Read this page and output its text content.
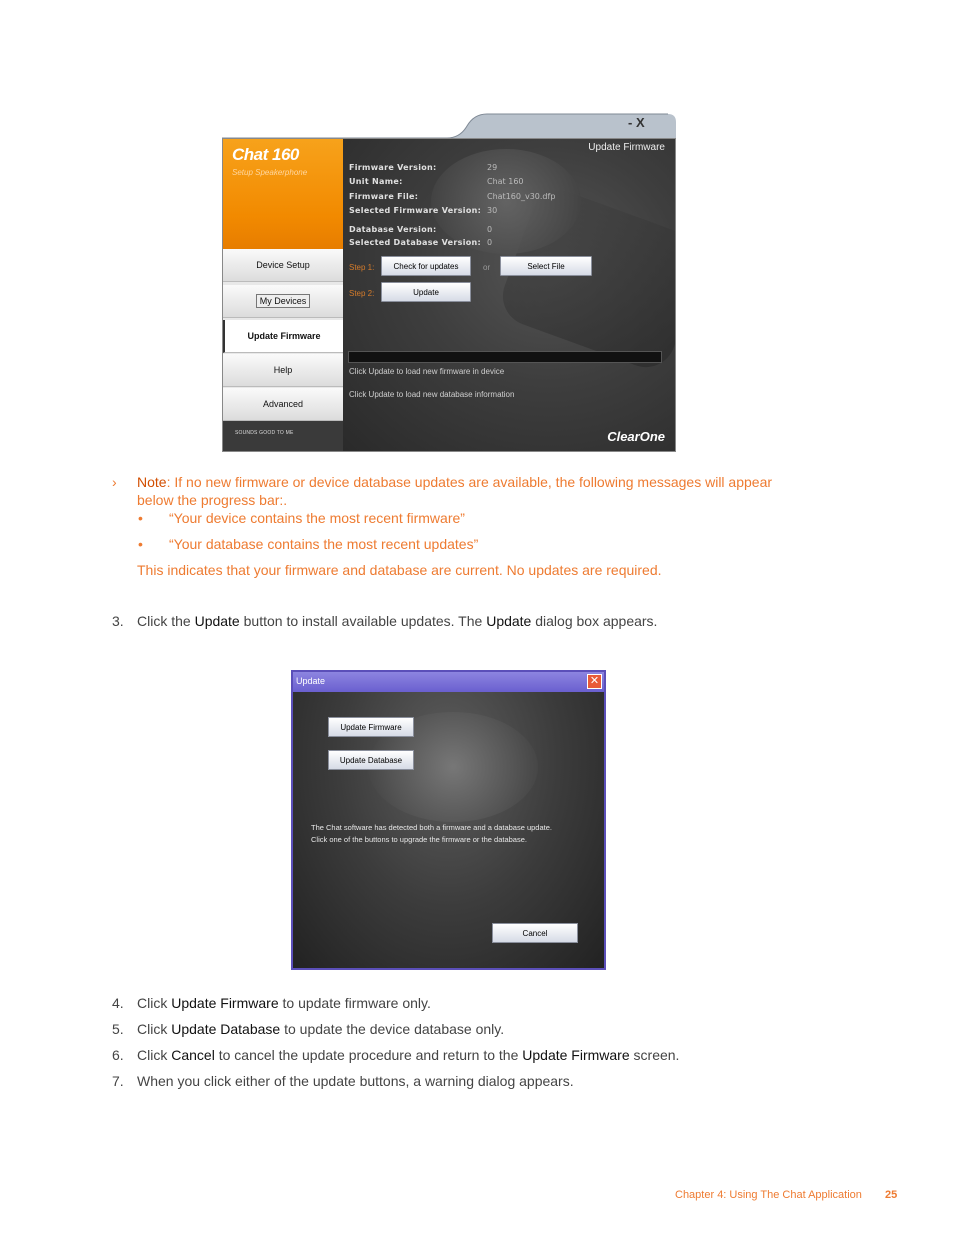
- X
Chat 160
Setup Speakerphone
Device Setup
My Devices
Update Firmware
Help
Advanced
SOUNDS GOOD TO ME
Update Firmware
Firmware Version:	29
Unit Name:	Chat 160
Firmware File:	Chat160_v30.dfp
Selected Firmware Version: 30
Database Version:	0
Selected Database Version: 0
Step 1:	Check for updates	or	Select File
Step 2:	Update
Click Update to load new firmware in device
Click Update to load new database information
ClearOne
› Note: If no new firmware or device database updates are available, the following messages will appear
below the progress bar:.
• “Your device contains the most recent firmware”
• “Your database contains the most recent updates”
This indicates that your firmware and database are current. No updates are required.
3. Click the Update button to install available updates. The Update dialog box appears.
Update	✕
Update Firmware
Update Database
The Chat software has detected both a firmware and a database update.
Click one of the buttons to upgrade the firmware or the database.
Cancel
4. Click Update Firmware to update firmware only.
5. Click Update Database to update the device database only.
6. Click Cancel to cancel the update procedure and return to the Update Firmware screen.
7. When you click either of the update buttons, a warning dialog appears.
Chapter 4: Using The Chat Application 25
